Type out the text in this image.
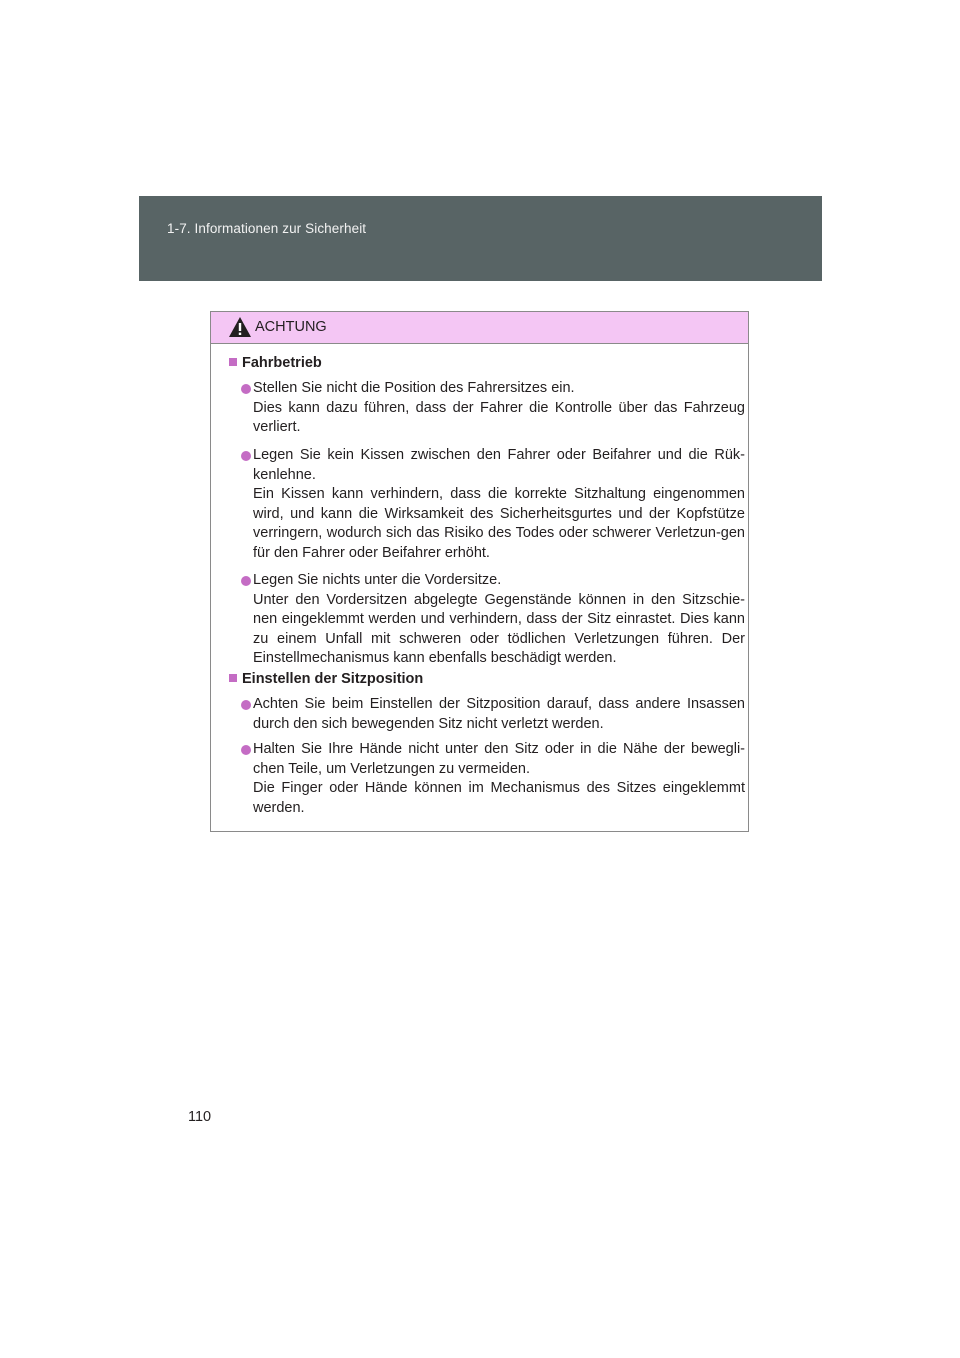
1-7. Informationen zur Sicherheit
ACHTUNG
Fahrbetrieb

Stellen Sie nicht die Position des Fahrersitzes ein.

Dies kann dazu führen, dass der Fahrer die Kontrolle über das Fahrzeug verliert.

Legen Sie kein Kissen zwischen den Fahrer oder Beifahrer und die Rük-kenlehne.

Ein Kissen kann verhindern, dass die korrekte Sitzhaltung eingenommen wird, und kann die Wirksamkeit des Sicherheitsgurtes und der Kopfstütze verringern, wodurch sich das Risiko des Todes oder schwerer Verletzun-gen für den Fahrer oder Beifahrer erhöht.

Legen Sie nichts unter die Vordersitze.

Unter den Vordersitzen abgelegte Gegenstände können in den Sitzschie-nen eingeklemmt werden und verhindern, dass der Sitz einrastet. Dies kann zu einem Unfall mit schweren oder tödlichen Verletzungen führen. Der Einstellmechanismus kann ebenfalls beschädigt werden.

Einstellen der Sitzposition

Achten Sie beim Einstellen der Sitzposition darauf, dass andere Insassen durch den sich bewegenden Sitz nicht verletzt werden.

Halten Sie Ihre Hände nicht unter den Sitz oder in die Nähe der bewegli-chen Teile, um Verletzungen zu vermeiden.

Die Finger oder Hände können im Mechanismus des Sitzes eingeklemmt werden.

110
